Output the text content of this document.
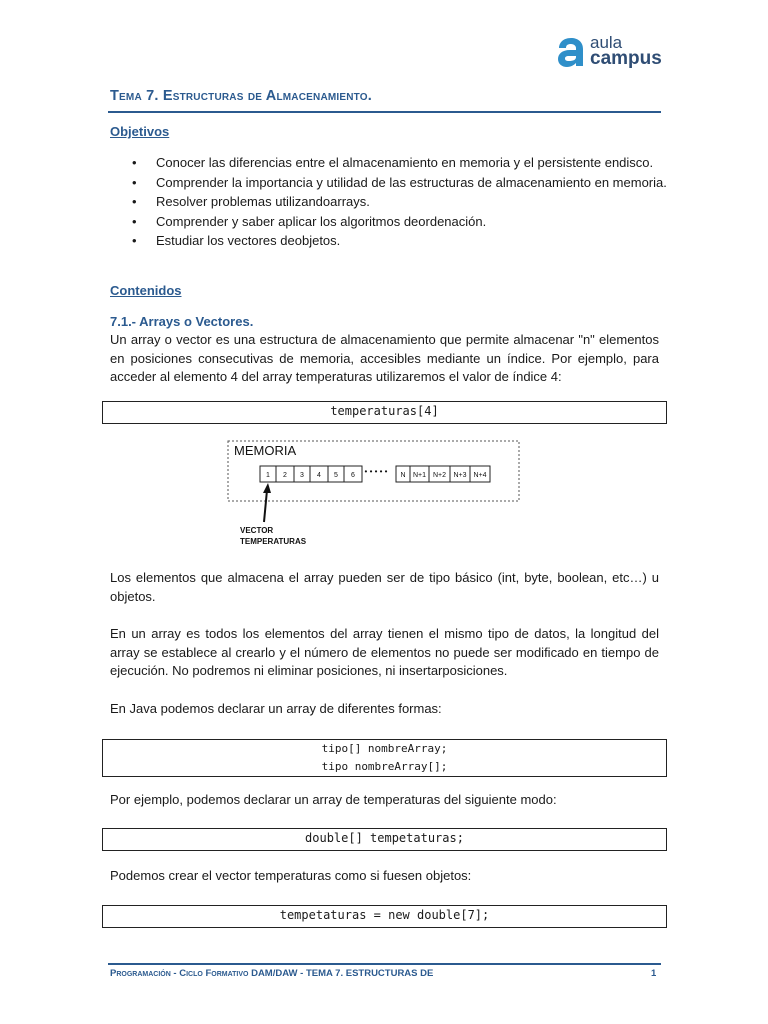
aula
campus
Tema 7. Estructuras de Almacenamiento.
Objetivos
• Conocer las diferencias entre el almacenamiento en memoria y el persistente endisco.
• Comprender la importancia y utilidad de las estructuras de almacenamiento en memoria.
• Resolver problemas utilizandoarrays.
• Comprender y saber aplicar los algoritmos deordenación.
• Estudiar los vectores deobjetos.
Contenidos
7.1.- Arrays o Vectores.
Un array o vector es una estructura de almacenamiento que permite almacenar "n" elementos en posiciones consecutivas de memoria, accesibles mediante un índice. Por ejemplo, para acceder al elemento 4 del array temperaturas utilizaremos el valor de índice 4:
temperaturas[4]
MEMORIA
1 2 3 4 5 6 • • • • • N N+1 N+2 N+3 N+4
VECTOR
TEMPERATURAS
Los elementos que almacena el array pueden ser de tipo básico (int, byte, boolean, etc…) u objetos.
En un array es todos los elementos del array tienen el mismo tipo de datos, la longitud del array se establece al crearlo y el número de elementos no puede ser modificado en tiempo de ejecución. No podremos ni eliminar posiciones, ni insertarposiciones.
En Java podemos declarar un array de diferentes formas:
tipo[] nombreArray;
tipo nombreArray[];
Por ejemplo, podemos declarar un array de temperaturas del siguiente modo:
double[] tempetaturas;
Podemos crear el vector temperaturas como si fuesen objetos:
tempetaturas = new double[7];
Programación - Ciclo Formativo DAM/DAW - TEMA 7. ESTRUCTURAS DE	1
